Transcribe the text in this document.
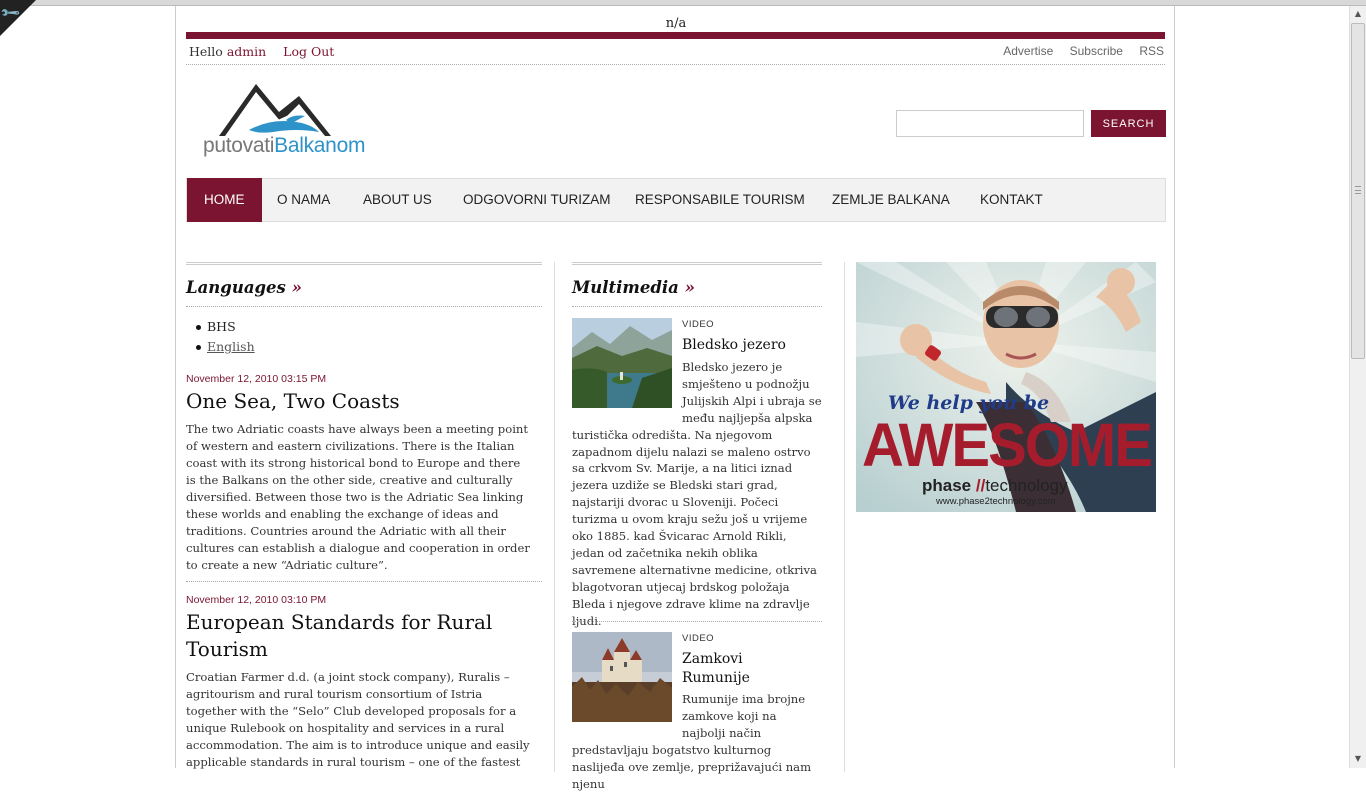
🔧	n/a
Hello admin Log Out	Advertise Subscribe RSS
putovatiBalkanom
SEARCH
HOME	O NAMA ABOUT US ODGOVORNI TURIZAM RESPONSABILE TOURISM ZEMLJE BALKANA KONTAKT
Languages »
BHS
English
November 12, 2010 03:15 PM
One Sea, Two Coasts
The two Adriatic coasts have always been a meeting point of western and eastern civilizations. There is the Italian coast with its strong historical bond to Europe and there is the Balkans on the other side, creative and culturally diversified. Between those two is the Adriatic Sea linking these worlds and enabling the exchange of ideas and traditions. Countries around the Adriatic with all their cultures can establish a dialogue and cooperation in order to create a new “Adriatic culture”.
November 12, 2010 03:10 PM
European Standards for Rural Tourism
Croatian Farmer d.d. (a joint stock company), Ruralis – agritourism and rural tourism consortium of Istria together with the “Selo” Club developed proposals for a unique Rulebook on hospitality and services in a rural accommodation. The aim is to introduce unique and easily applicable standards in rural tourism – one of the fastest
Multimedia »
VIDEO
Bledsko jezero
Bledsko jezero je smješteno u podnožju Julijskih Alpi i ubraja se među najljepša alpska turistička odredišta. Na njegovom zapadnom dijelu nalazi se maleno ostrvo sa crkvom Sv. Marije, a na litici iznad jezera uzdiže se Bledski stari grad, najstariji dvorac u Sloveniji. Počeci turizma u ovom kraju sežu još u vrijeme oko 1885. kad Švicarac Arnold Rikli, jedan od začetnika nekih oblika savremene alternativne medicine, otkriva blagotvoran utjecaj brdskog položaja Bleda i njegove zdrave klime na zdravlje ljudi.
VIDEO
Zamkovi Rumunije
Rumunije ima brojne zamkove koji na najbolji način predstavljaju bogatstvo kulturnog naslijeđa ove zemlje, preprižavajući nam njenu
We help you be
AWESOME
phase //technology
www.phase2technology.com
▲
▼
